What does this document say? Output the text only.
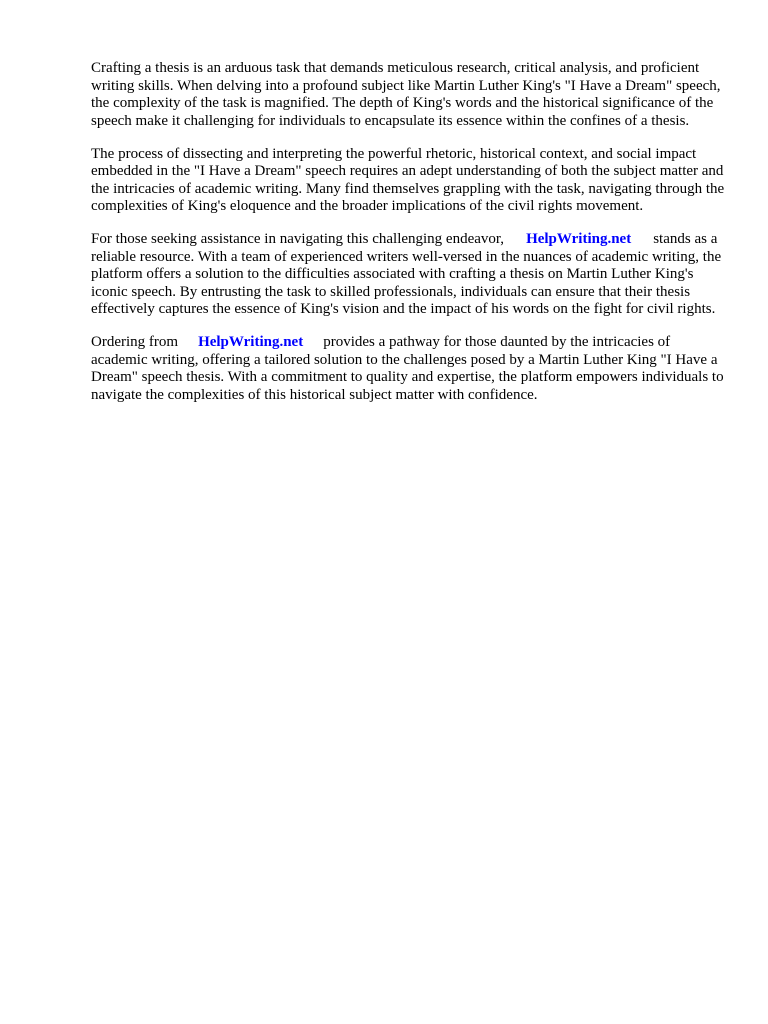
Crafting a thesis is an arduous task that demands meticulous research, critical analysis, and proficient writing skills. When delving into a profound subject like Martin Luther King's "I Have a Dream" speech, the complexity of the task is magnified. The depth of King's words and the historical significance of the speech make it challenging for individuals to encapsulate its essence within the confines of a thesis.

The process of dissecting and interpreting the powerful rhetoric, historical context, and social impact embedded in the "I Have a Dream" speech requires an adept understanding of both the subject matter and the intricacies of academic writing. Many find themselves grappling with the task, navigating through the complexities of King's eloquence and the broader implications of the civil rights movement.

For those seeking assistance in navigating this challenging endeavor, HelpWriting.net stands as a reliable resource. With a team of experienced writers well-versed in the nuances of academic writing, the platform offers a solution to the difficulties associated with crafting a thesis on Martin Luther King's iconic speech. By entrusting the task to skilled professionals, individuals can ensure that their thesis effectively captures the essence of King's vision and the impact of his words on the fight for civil rights.

Ordering from HelpWriting.net provides a pathway for those daunted by the intricacies of academic writing, offering a tailored solution to the challenges posed by a Martin Luther King "I Have a Dream" speech thesis. With a commitment to quality and expertise, the platform empowers individuals to navigate the complexities of this historical subject matter with confidence.
